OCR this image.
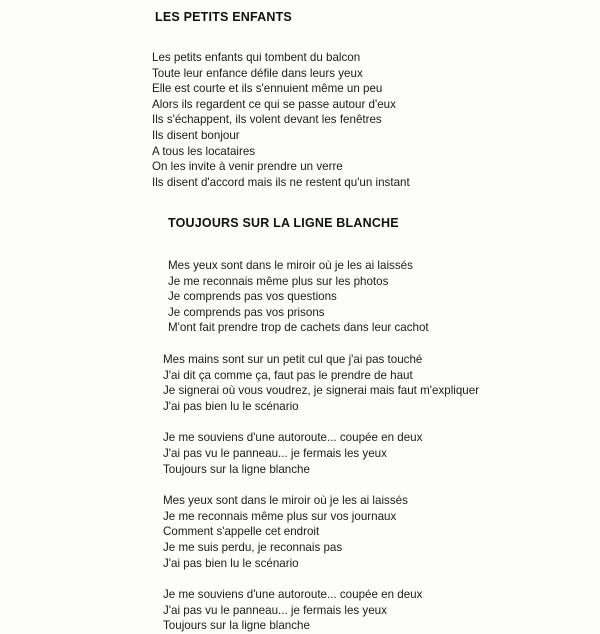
LES PETITS ENFANTS
Les petits enfants qui tombent du balcon
Toute leur enfance défile dans leurs yeux
Elle est courte et ils s'ennuient même un peu
Alors ils regardent ce qui se passe autour d'eux
Ils s'échappent, ils volent devant les fenêtres
Ils disent bonjour
A tous les locataires
On les invite à venir prendre un verre
Ils disent d'accord mais ils ne restent qu'un instant
TOUJOURS SUR LA LIGNE BLANCHE
Mes yeux sont dans le miroir où je les ai laissés
Je me reconnais même plus sur les photos
Je comprends pas vos questions
Je comprends pas vos prisons
M'ont fait prendre trop de cachets dans leur cachot
Mes mains sont sur un petit cul que j'ai pas touché
J'ai dit ça comme ça, faut pas le prendre de haut
Je signerai où vous voudrez, je signerai mais faut m'expliquer
J'ai pas bien lu le scénario
Je me souviens d'une autoroute... coupée en deux
J'ai pas vu le panneau... je fermais les yeux
Toujours sur la ligne blanche
Mes yeux sont dans le miroir où je les ai laissés
Je me reconnais même plus sur vos journaux
Comment s'appelle cet endroit
Je me suis perdu, je reconnais pas
J'ai pas bien lu le scénario
Je me souviens d'une autoroute... coupée en deux
J'ai pas vu le panneau... je fermais les yeux
Toujours sur la ligne blanche
